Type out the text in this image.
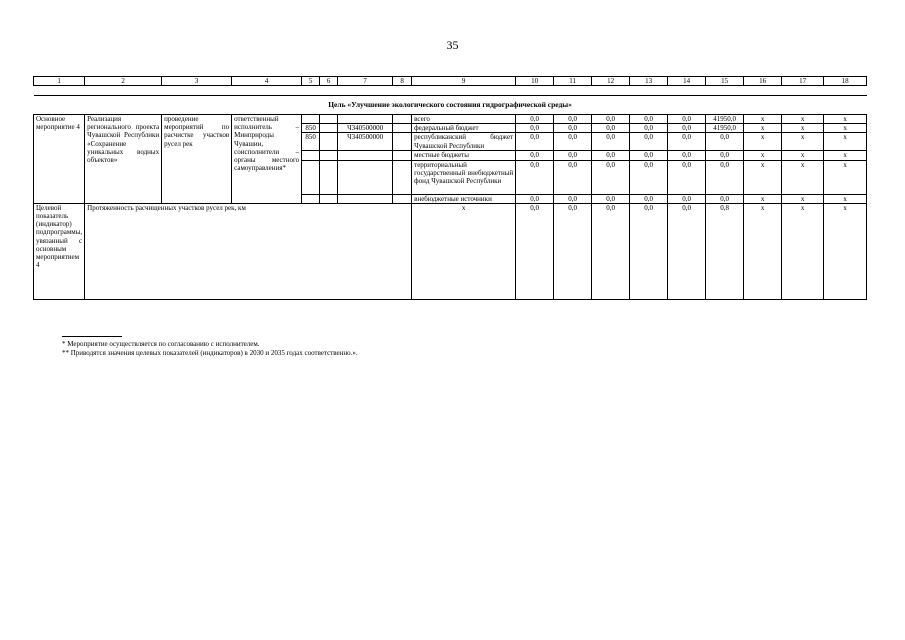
35
1	2	3	4	5	6	7	8	9	10	11	12	13	14	15	16	17	18

Цель «Улучшение экологического состояния гидрографической среды»																	
Основное мероприятие 4	Реализация регионального проекта Чувашской Республики «Сохранение уникальных водных объектов»	проведение мероприятий по расчистке участков русел рек	ответственный исполнитель – Минприроды Чувашии, соисполнители – органы местного самоуправления*					всего	0,0	0,0	0,0	0,0	0,0	41950,0	x	x	x
				850		Ч340500000		федеральный бюджет	0,0	0,0	0,0	0,0	0,0	41950,0	x	x	x
				850		Ч340500000		республиканский бюджет Чувашской Республики	0,0	0,0	0,0	0,0	0,0	0,0	x	x	x
								местные бюджеты	0,0	0,0	0,0	0,0	0,0	0,0	x	x	x
								территориальный государственный внебюджетный фонд Чувашской Республики	0,0	0,0	0,0	0,0	0,0	0,0	x	x	x
								внебюджетные источники	0,0	0,0	0,0	0,0	0,0	0,0	x	x	x
Целевой показатель (индикатор) подпрограммы, увязанный с основным мероприятием 4	Протяженность расчищенных участков русел рек, км							x	0,0	0,0	0,0	0,0	0,0	0,8	x	x	x
* Мероприятие осуществляется по согласованию с исполнителем.
** Приводятся значения целевых показателей (индикаторов) в 2030 и 2035 годах соответственно.».
